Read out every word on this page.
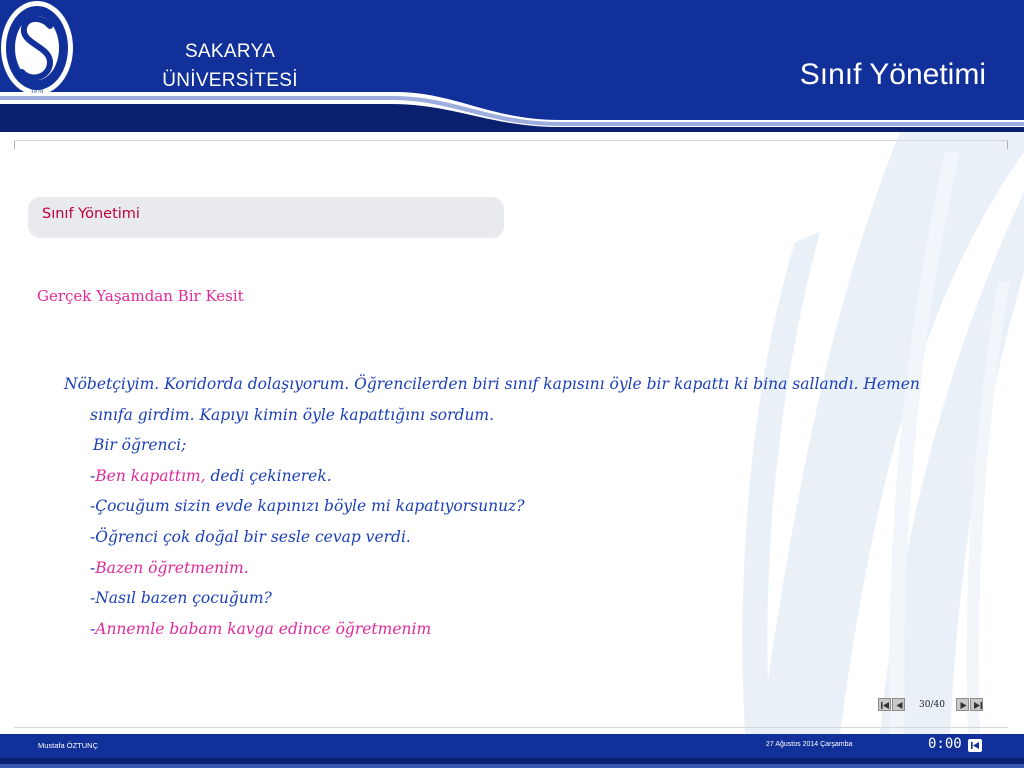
1970
SAKARYA
ÜNİVERSİTESİ	Sınıf Yönetimi
Sınıf Yönetimi
Gerçek Yaşamdan Bir Kesit
Nöbetçiyim. Koridorda dolaşıyorum. Öğrencilerden biri sınıf kapısını öyle bir kapattı ki bina sallandı. Hemen
sınıfa girdim. Kapıyı kimin öyle kapattığını sordum.
Bir öğrenci;
-Ben kapattım, dedi çekinerek.
-Çocuğum sizin evde kapınızı böyle mi kapatıyorsunuz?
-Öğrenci çok doğal bir sesle cevap verdi.
-Bazen öğretmenim.
-Nasıl bazen çocuğum?
-Annemle babam kavga edince öğretmenim
30/40
Mustafa ÖZTUNÇ	27 Ağustos 2014 Çarşamba	0:00
